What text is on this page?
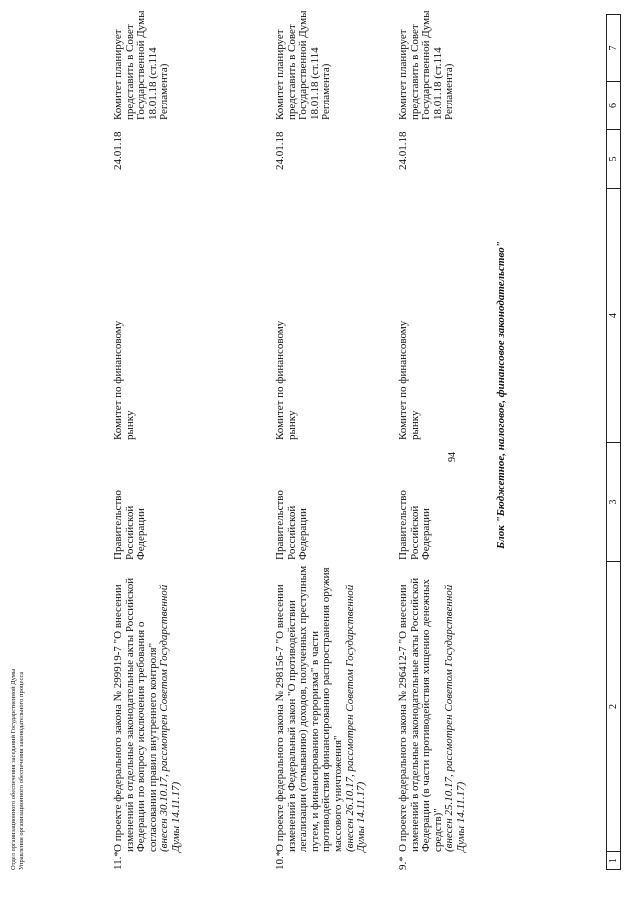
94
1
2
3
4
5
6
7
Блок "Бюджетное, налоговое, финансовое законодательство"
9.*
О проекте федерального закона № 296412-7 "О внесении изменений в отдельные законодательные акты Российской Федерации (в части противодействия хищению денежных средств)" (внесен 25.10.17, рассмотрен Советом Государственной Думы 14.11.17)
Правительство Российской Федерации
Комитет по финансовому рынку
24.01.18
Комитет планирует представить в Совет Государственной Думы 18.01.18 (ст.114 Регламента)
10.*
О проекте федерального закона № 298156-7 "О внесении изменений в Федеральный закон "О противодействии легализации (отмыванию) доходов, полученных преступным путем, и финансированию терроризма" в части противодействия финансированию распространения оружия массового уничтожения" (внесен 26.10.17, рассмотрен Советом Государственной Думы 14.11.17)
Правительство Российской Федерации
Комитет по финансовому рынку
24.01.18
Комитет планирует представить в Совет Государственной Думы 18.01.18 (ст.114 Регламента)
11.*
О проекте федерального закона № 299919-7 "О внесении изменений в отдельные законодательные акты Российской Федерации по вопросу исключения требования о согласовании правил внутреннего контроля" (внесен 30.10.17, рассмотрен Советом Государственной Думы 14.11.17)
Правительство Российской Федерации
Комитет по финансовому рынку
24.01.18
Комитет планирует представить в Совет Государственной Думы 18.01.18 (ст.114 Регламента)
Отдел организационного обеспечения заседаний Государственной Думы Управления организационного обеспечения законодательного процесса
